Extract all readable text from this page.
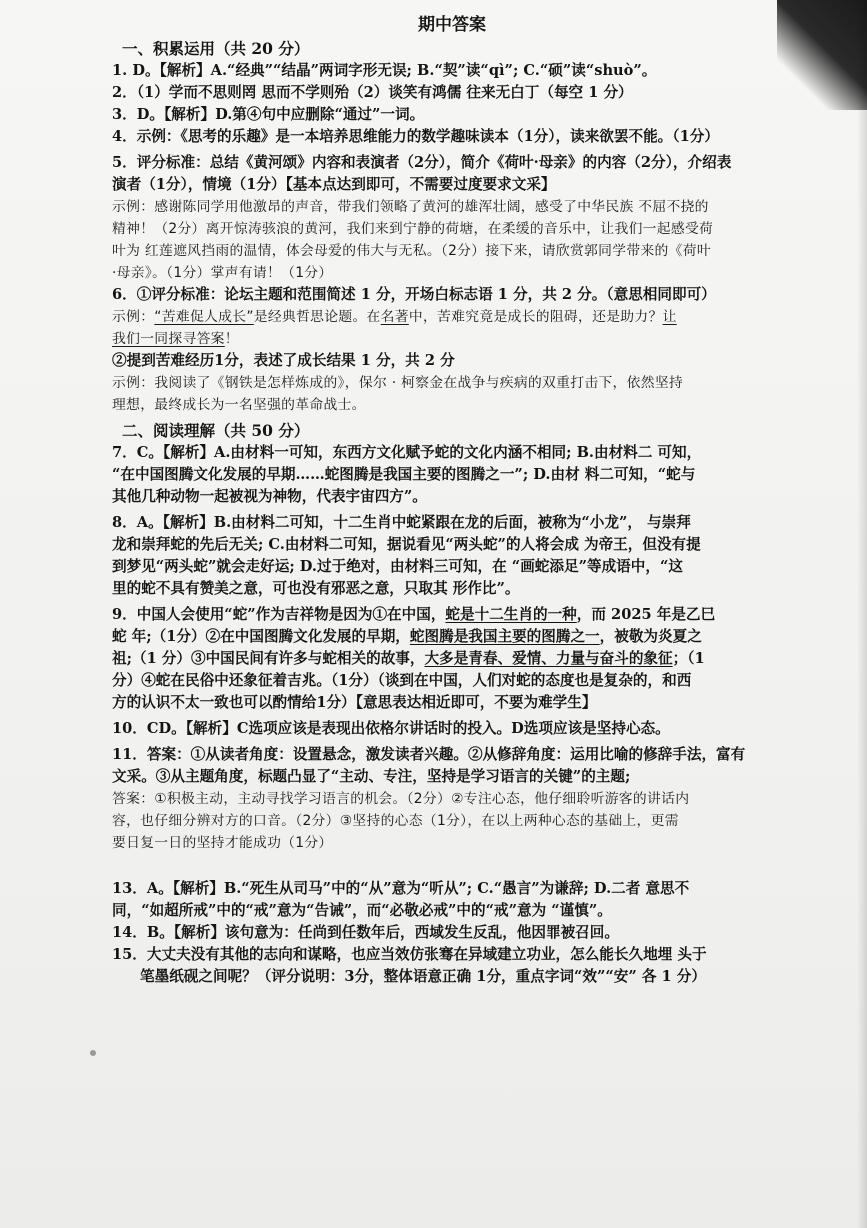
期中答案
一、积累运用（共 20 分）
1. D。【解析】A.“经典”“结晶”两词字形无误; B.“契”读“qì”; C.“硕”读“shuò”。
2．（1）学而不思则罔 思而不学则殆（2）谈笑有鸿儒 往来无白丁（每空 1 分）
3．D。【解析】D.第④句中应删除“通过”一词。
4．示例：《思考的乐趣》是一本培养思维能力的数学趣味读本（1分），读来欲罢不能。（1分）
5．评分标准：总结《黄河颂》内容和表演者（2分），简介《荷叶·母亲》的内容（2分），介绍表
演者（1分），情境（1分）【基本点达到即可，不需要过度要求文采】
示例：感谢陈同学用他激昂的声音，带我们领略了黄河的雄浑壮阔，感受了中华民族 不屈不挠的
精神！（2分）离开惊涛骇浪的黄河，我们来到宁静的荷塘，在柔缓的音乐中，让我们一起感受荷
叶为 红莲遮风挡雨的温情，体会母爱的伟大与无私。（2分）接下来，请欣赏郭同学带来的《荷叶
·母亲》。（1分）掌声有请！（1分）
6．①评分标准：论坛主题和范围简述 1 分，开场白标志语 1 分，共 2 分。（意思相同即可）
示例：“苦难促人成长”是经典哲思论题。在名著中，苦难究竟是成长的阻碍，还是助力？让
我们一同探寻答案！
②提到苦难经历1分，表述了成长结果 1 分，共 2 分
示例：我阅读了《钢铁是怎样炼成的》，保尔 · 柯察金在战争与疾病的双重打击下，依然坚持
理想，最终成长为一名坚强的革命战士。
二、阅读理解（共 50 分）
7．C。【解析】A.由材料一可知，东西方文化赋予蛇的文化内涵不相同; B.由材料二 可知，
“在中国图腾文化发展的早期……蛇图腾是我国主要的图腾之一”; D.由材 料二可知，“蛇与
其他几种动物一起被视为神物，代表宇宙四方”。
8．A。【解析】B.由材料二可知，十二生肖中蛇紧跟在龙的后面，被称为“小龙”， 与崇拜
龙和崇拜蛇的先后无关; C.由材料二可知，据说看见“两头蛇”的人将会成 为帝王，但没有提
到梦见“两头蛇”就会走好运; D.过于绝对，由材料三可知，在 “画蛇添足”等成语中，“这
里的蛇不具有赞美之意，可也没有邪恶之意，只取其 形作比”。
9．中国人会使用“蛇”作为吉祥物是因为①在中国，蛇是十二生肖的一种，而 2025 年是乙巳
蛇 年;（1分）②在中国图腾文化发展的早期，蛇图腾是我国主要的图腾之一，被敬为炎夏之
祖;（1 分）③中国民间有许多与蛇相关的故事，大多是青春、爱情、力量与奋斗的象征；（1
分）④蛇在民俗中还象征着吉兆。（1分）（谈到在中国，人们对蛇的态度也是复杂的，和西
方的认识不太一致也可以酌情给1分）【意思表达相近即可，不要为难学生】
10．CD。【解析】C选项应该是表现出依格尔讲话时的投入。D选项应该是坚持心态。
11．答案：①从读者角度：设置悬念，激发读者兴趣。②从修辞角度：运用比喻的修辞手法，富有
文采。③从主题角度，标题凸显了“主动、专注，坚持是学习语言的关键”的主题;
答案：①积极主动，主动寻找学习语言的机会。（2分）②专注心态，他仔细聆听游客的讲话内
容，也仔细分辨对方的口音。（2分）③坚持的心态（1分），在以上两种心态的基础上，更需
要日复一日的坚持才能成功（1分）
13．A。【解析】B.“死生从司马”中的“从”意为“听从”; C.“愚言”为谦辞; D.二者 意思不
同，“如超所戒”中的“戒”意为“告诫”，而“必敬必戒”中的“戒”意为 “谨慎”。
14．B。【解析】该句意为：任尚到任数年后，西域发生反乱，他因罪被召回。
15．大丈夫没有其他的志向和谋略，也应当效仿张骞在异域建立功业，怎么能长久地埋 头于
笔墨纸砚之间呢？（评分说明：3分，整体语意正确 1分，重点字词“效”“安” 各 1 分）
